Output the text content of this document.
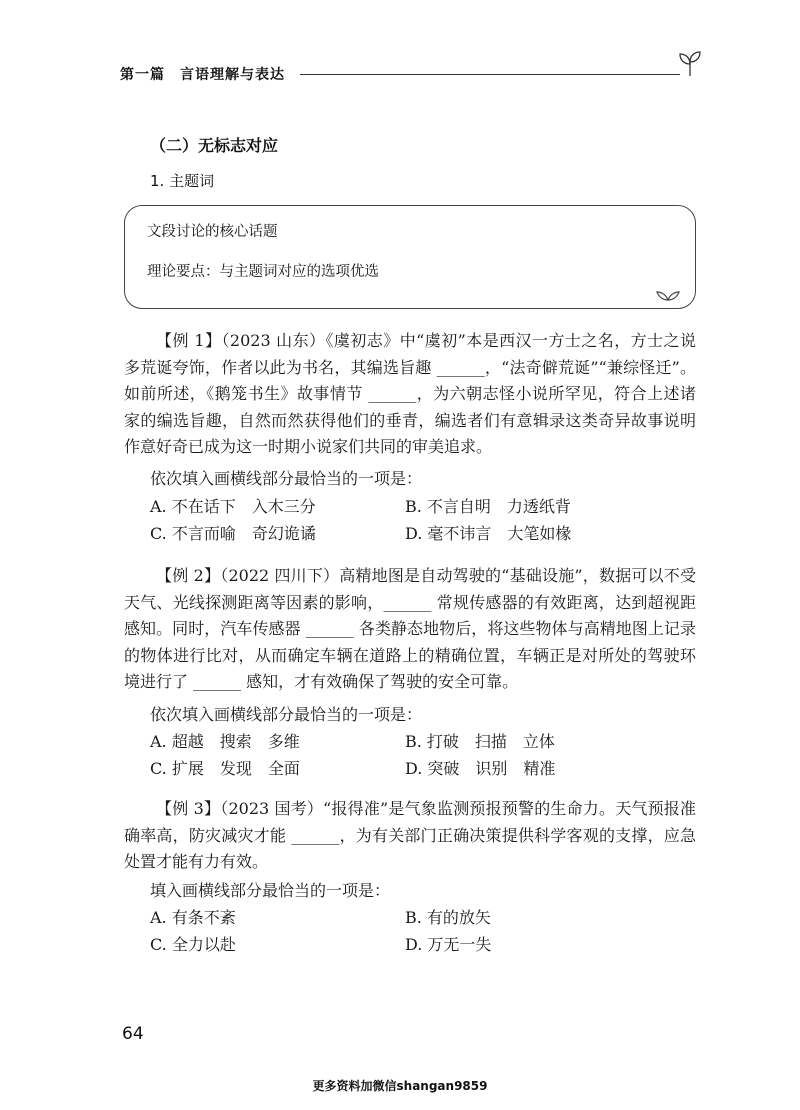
第一篇　言语理解与表达
（二）无标志对应
1. 主题词
文段讨论的核心话题
理论要点：与主题词对应的选项优选
【例 1】（2023 山东）《虞初志》中“虞初”本是西汉一方士之名，方士之说多荒诞夸饰，作者以此为书名，其编选旨趣 ______，“法奇僻荒诞”“兼综怪迁”。如前所述，《鹅笼书生》故事情节 ______，为六朝志怪小说所罕见，符合上述诸家的编选旨趣，自然而然获得他们的垂青，编选者们有意辑录这类奇异故事说明作意好奇已成为这一时期小说家们共同的审美追求。
依次填入画横线部分最恰当的一项是：
A. 不在话下　入木三分	B. 不言自明　力透纸背
C. 不言而喻　奇幻诡谲	D. 毫不讳言　大笔如椽
【例 2】（2022 四川下）高精地图是自动驾驶的“基础设施”，数据可以不受天气、光线探测距离等因素的影响，______ 常规传感器的有效距离，达到超视距感知。同时，汽车传感器 ______ 各类静态地物后，将这些物体与高精地图上记录的物体进行比对，从而确定车辆在道路上的精确位置，车辆正是对所处的驾驶环境进行了 ______ 感知，才有效确保了驾驶的安全可靠。
依次填入画横线部分最恰当的一项是：
A. 超越　搜索　多维	B. 打破　扫描　立体
C. 扩展　发现　全面	D. 突破　识别　精准
【例 3】（2023 国考）“报得准”是气象监测预报预警的生命力。天气预报准确率高，防灾减灾才能 ______，为有关部门正确决策提供科学客观的支撑，应急处置才能有力有效。
填入画横线部分最恰当的一项是：
A. 有条不紊	B. 有的放矢
C. 全力以赴	D. 万无一失
64
更多资料加微信shangan9859
